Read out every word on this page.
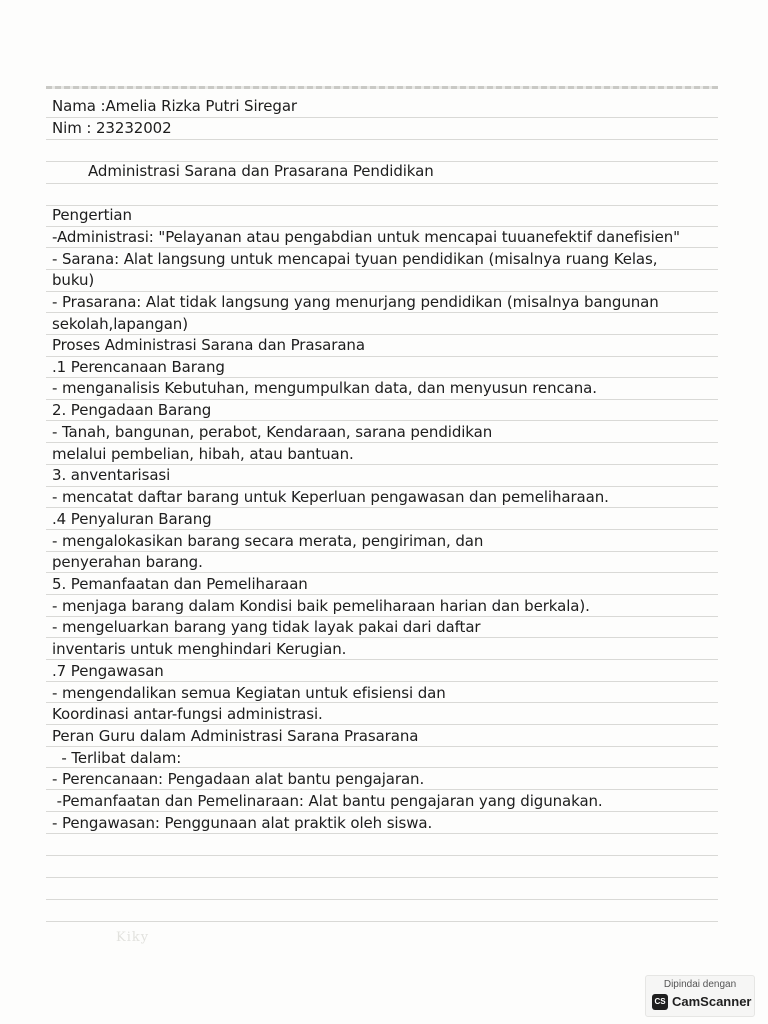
Nama :Amelia Rizka Putri Siregar
Nim : 23232002
Administrasi Sarana dan Prasarana Pendidikan
Pengertian
-Administrasi: "Pelayanan atau pengabdian untuk mencapai tuuanefektif danefisien"
- Sarana: Alat langsung untuk mencapai tyuan pendidikan (misalnya ruang Kelas,
buku)
- Prasarana: Alat tidak langsung yang menurjang pendidikan (misalnya bangunan
sekolah,lapangan)
Proses Administrasi Sarana dan Prasarana
.1 Perencanaan Barang
- menganalisis Kebutuhan, mengumpulkan data, dan menyusun rencana.
2. Pengadaan Barang
- Tanah, bangunan, perabot, Kendaraan, sarana pendidikan
melalui pembelian, hibah, atau bantuan.
3. anventarisasi
- mencatat daftar barang untuk Keperluan pengawasan dan pemeliharaan.
.4 Penyaluran Barang
- mengalokasikan barang secara merata, pengiriman, dan
penyerahan barang.
5. Pemanfaatan dan Pemeliharaan
- menjaga barang dalam Kondisi baik pemeliharaan harian dan berkala).
- mengeluarkan barang yang tidak layak pakai dari daftar
inventaris untuk menghindari Kerugian.
.7 Pengawasan
- mengendalikan semua Kegiatan untuk efisiensi dan
Koordinasi antar-fungsi administrasi.
Peran Guru dalam Administrasi Sarana Prasarana
- Terlibat dalam:
- Perencanaan: Pengadaan alat bantu pengajaran.
-Pemanfaatan dan Pemelinaraan: Alat bantu pengajaran yang digunakan.
- Pengawasan: Penggunaan alat praktik oleh siswa.
Kiky
Dipindai dengan
CS CamScanner
